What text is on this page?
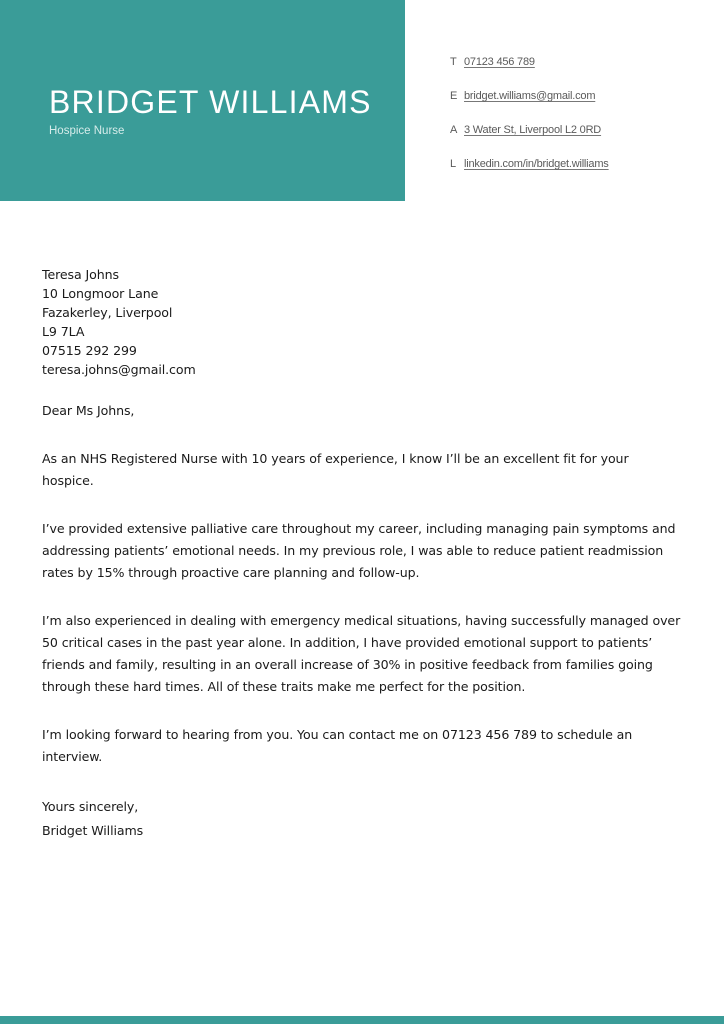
BRIDGET WILLIAMS
Hospice Nurse
T 07123 456 789
E bridget.williams@gmail.com
A 3 Water St, Liverpool L2 0RD
L linkedin.com/in/bridget.williams
Teresa Johns
10 Longmoor Lane
Fazakerley, Liverpool
L9 7LA
07515 292 299
teresa.johns@gmail.com

Dear Ms Johns,

As an NHS Registered Nurse with 10 years of experience, I know I’ll be an excellent fit for your hospice.

I’ve provided extensive palliative care throughout my career, including managing pain symptoms and addressing patients’ emotional needs. In my previous role, I was able to reduce patient readmission rates by 15% through proactive care planning and follow-up.

I’m also experienced in dealing with emergency medical situations, having successfully managed over 50 critical cases in the past year alone. In addition, I have provided emotional support to patients’ friends and family, resulting in an overall increase of 30% in positive feedback from families going through these hard times. All of these traits make me perfect for the position.

I’m looking forward to hearing from you. You can contact me on 07123 456 789 to schedule an interview.

Yours sincerely,
Bridget Williams
